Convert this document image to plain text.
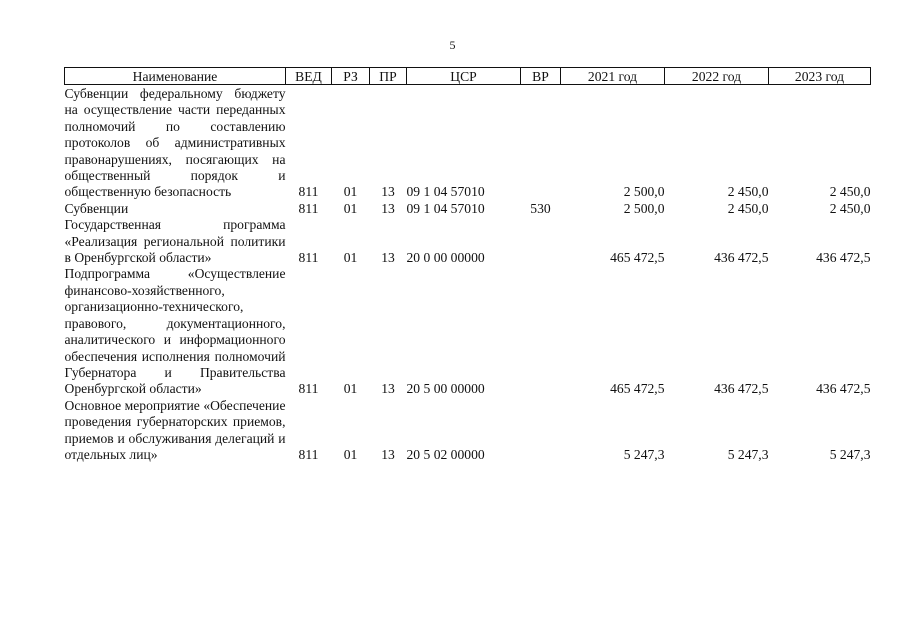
5
Наименование	ВЕД	РЗ	ПР	ЦСР	ВР	2021 год	2022 год	2023 год
Субвенции федеральному бюджету на осуществление части переданных полномочий по составлению протоколов об административных правонарушениях, посягающих на общественный порядок и общественную безопасность	811	01	13	09 1 04 57010		2 500,0	2 450,0	2 450,0
Субвенции	811	01	13	09 1 04 57010	530	2 500,0	2 450,0	2 450,0
Государственная программа «Реализация региональной политики в Оренбургской области»	811	01	13	20 0 00 00000		465 472,5	436 472,5	436 472,5
Подпрограмма «Осуществление финансово-хозяйственного, организационно-технического, правового, документационного, аналитического и информационного обеспечения исполнения полномочий Губернатора и Правительства Оренбургской области»	811	01	13	20 5 00 00000		465 472,5	436 472,5	436 472,5
Основное мероприятие «Обеспечение проведения губернаторских приемов, приемов и обслуживания делегаций и отдельных лиц»	811	01	13	20 5 02 00000		5 247,3	5 247,3	5 247,3
